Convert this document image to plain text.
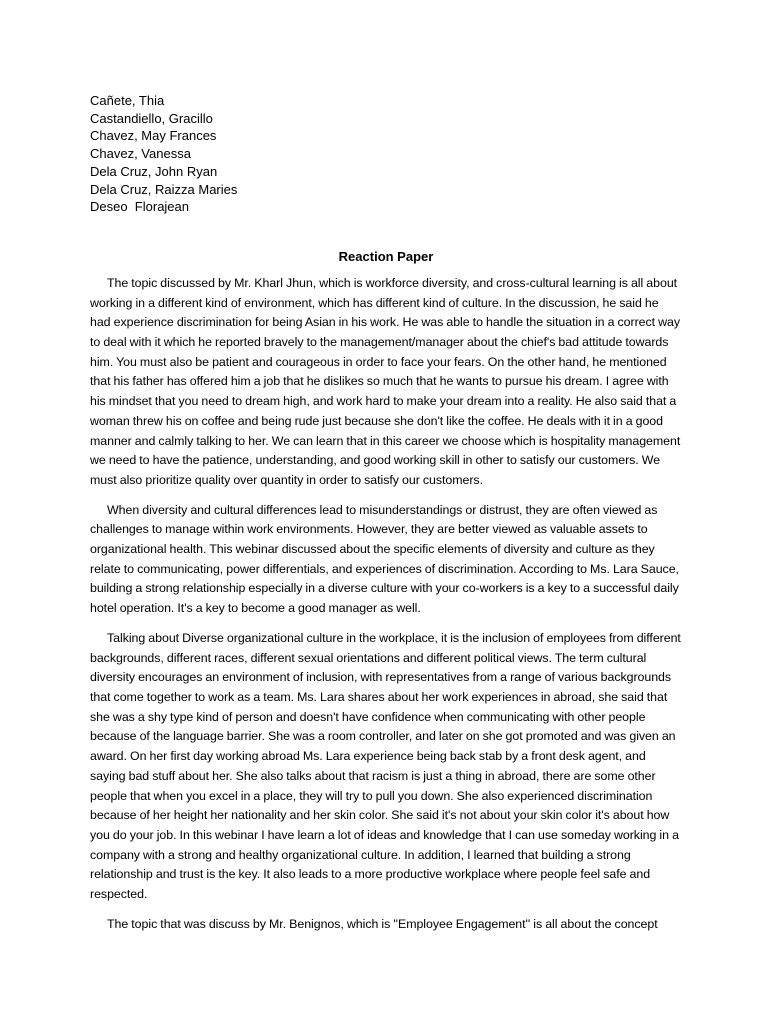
Cañete, Thia
Castandiello, Gracillo
Chavez, May Frances
Chavez, Vanessa
Dela Cruz, John Ryan
Dela Cruz, Raizza Maries
Deseo  Florajean
Reaction Paper

The topic discussed by Mr. Kharl Jhun, which is workforce diversity, and cross-cultural learning is all about working in a different kind of environment, which has different kind of culture. In the discussion, he said he had experience discrimination for being Asian in his work. He was able to handle the situation in a correct way to deal with it which he reported bravely to the management/manager about the chief's bad attitude towards him. You must also be patient and courageous in order to face your fears. On the other hand, he mentioned that his father has offered him a job that he dislikes so much that he wants to pursue his dream. I agree with his mindset that you need to dream high, and work hard to make your dream into a reality. He also said that a woman threw his on coffee and being rude just because she don't like the coffee. He deals with it in a good manner and calmly talking to her. We can learn that in this career we choose which is hospitality management we need to have the patience, understanding, and good working skill in other to satisfy our customers. We must also prioritize quality over quantity in order to satisfy our customers.

When diversity and cultural differences lead to misunderstandings or distrust, they are often viewed as challenges to manage within work environments. However, they are better viewed as valuable assets to organizational health. This webinar discussed about the specific elements of diversity and culture as they relate to communicating, power differentials, and experiences of discrimination. According to Ms. Lara Sauce, building a strong relationship especially in a diverse culture with your co-workers is a key to a successful daily hotel operation. It's a key to become a good manager as well.

Talking about Diverse organizational culture in the workplace, it is the inclusion of employees from different backgrounds, different races, different sexual orientations and different political views. The term cultural diversity encourages an environment of inclusion, with representatives from a range of various backgrounds that come together to work as a team. Ms. Lara shares about her work experiences in abroad, she said that she was a shy type kind of person and doesn't have confidence when communicating with other people because of the language barrier. She was a room controller, and later on she got promoted and was given an award. On her first day working abroad Ms. Lara experience being back stab by a front desk agent, and saying bad stuff about her. She also talks about that racism is just a thing in abroad, there are some other people that when you excel in a place, they will try to pull you down. She also experienced discrimination because of her height her nationality and her skin color. She said it's not about your skin color it's about how you do your job. In this webinar I have learn a lot of ideas and knowledge that I can use someday working in a company with a strong and healthy organizational culture. In addition, I learned that building a strong relationship and trust is the key. It also leads to a more productive workplace where people feel safe and respected.

The topic that was discuss by Mr. Benignos, which is ''Employee Engagement'' is all about the concept
